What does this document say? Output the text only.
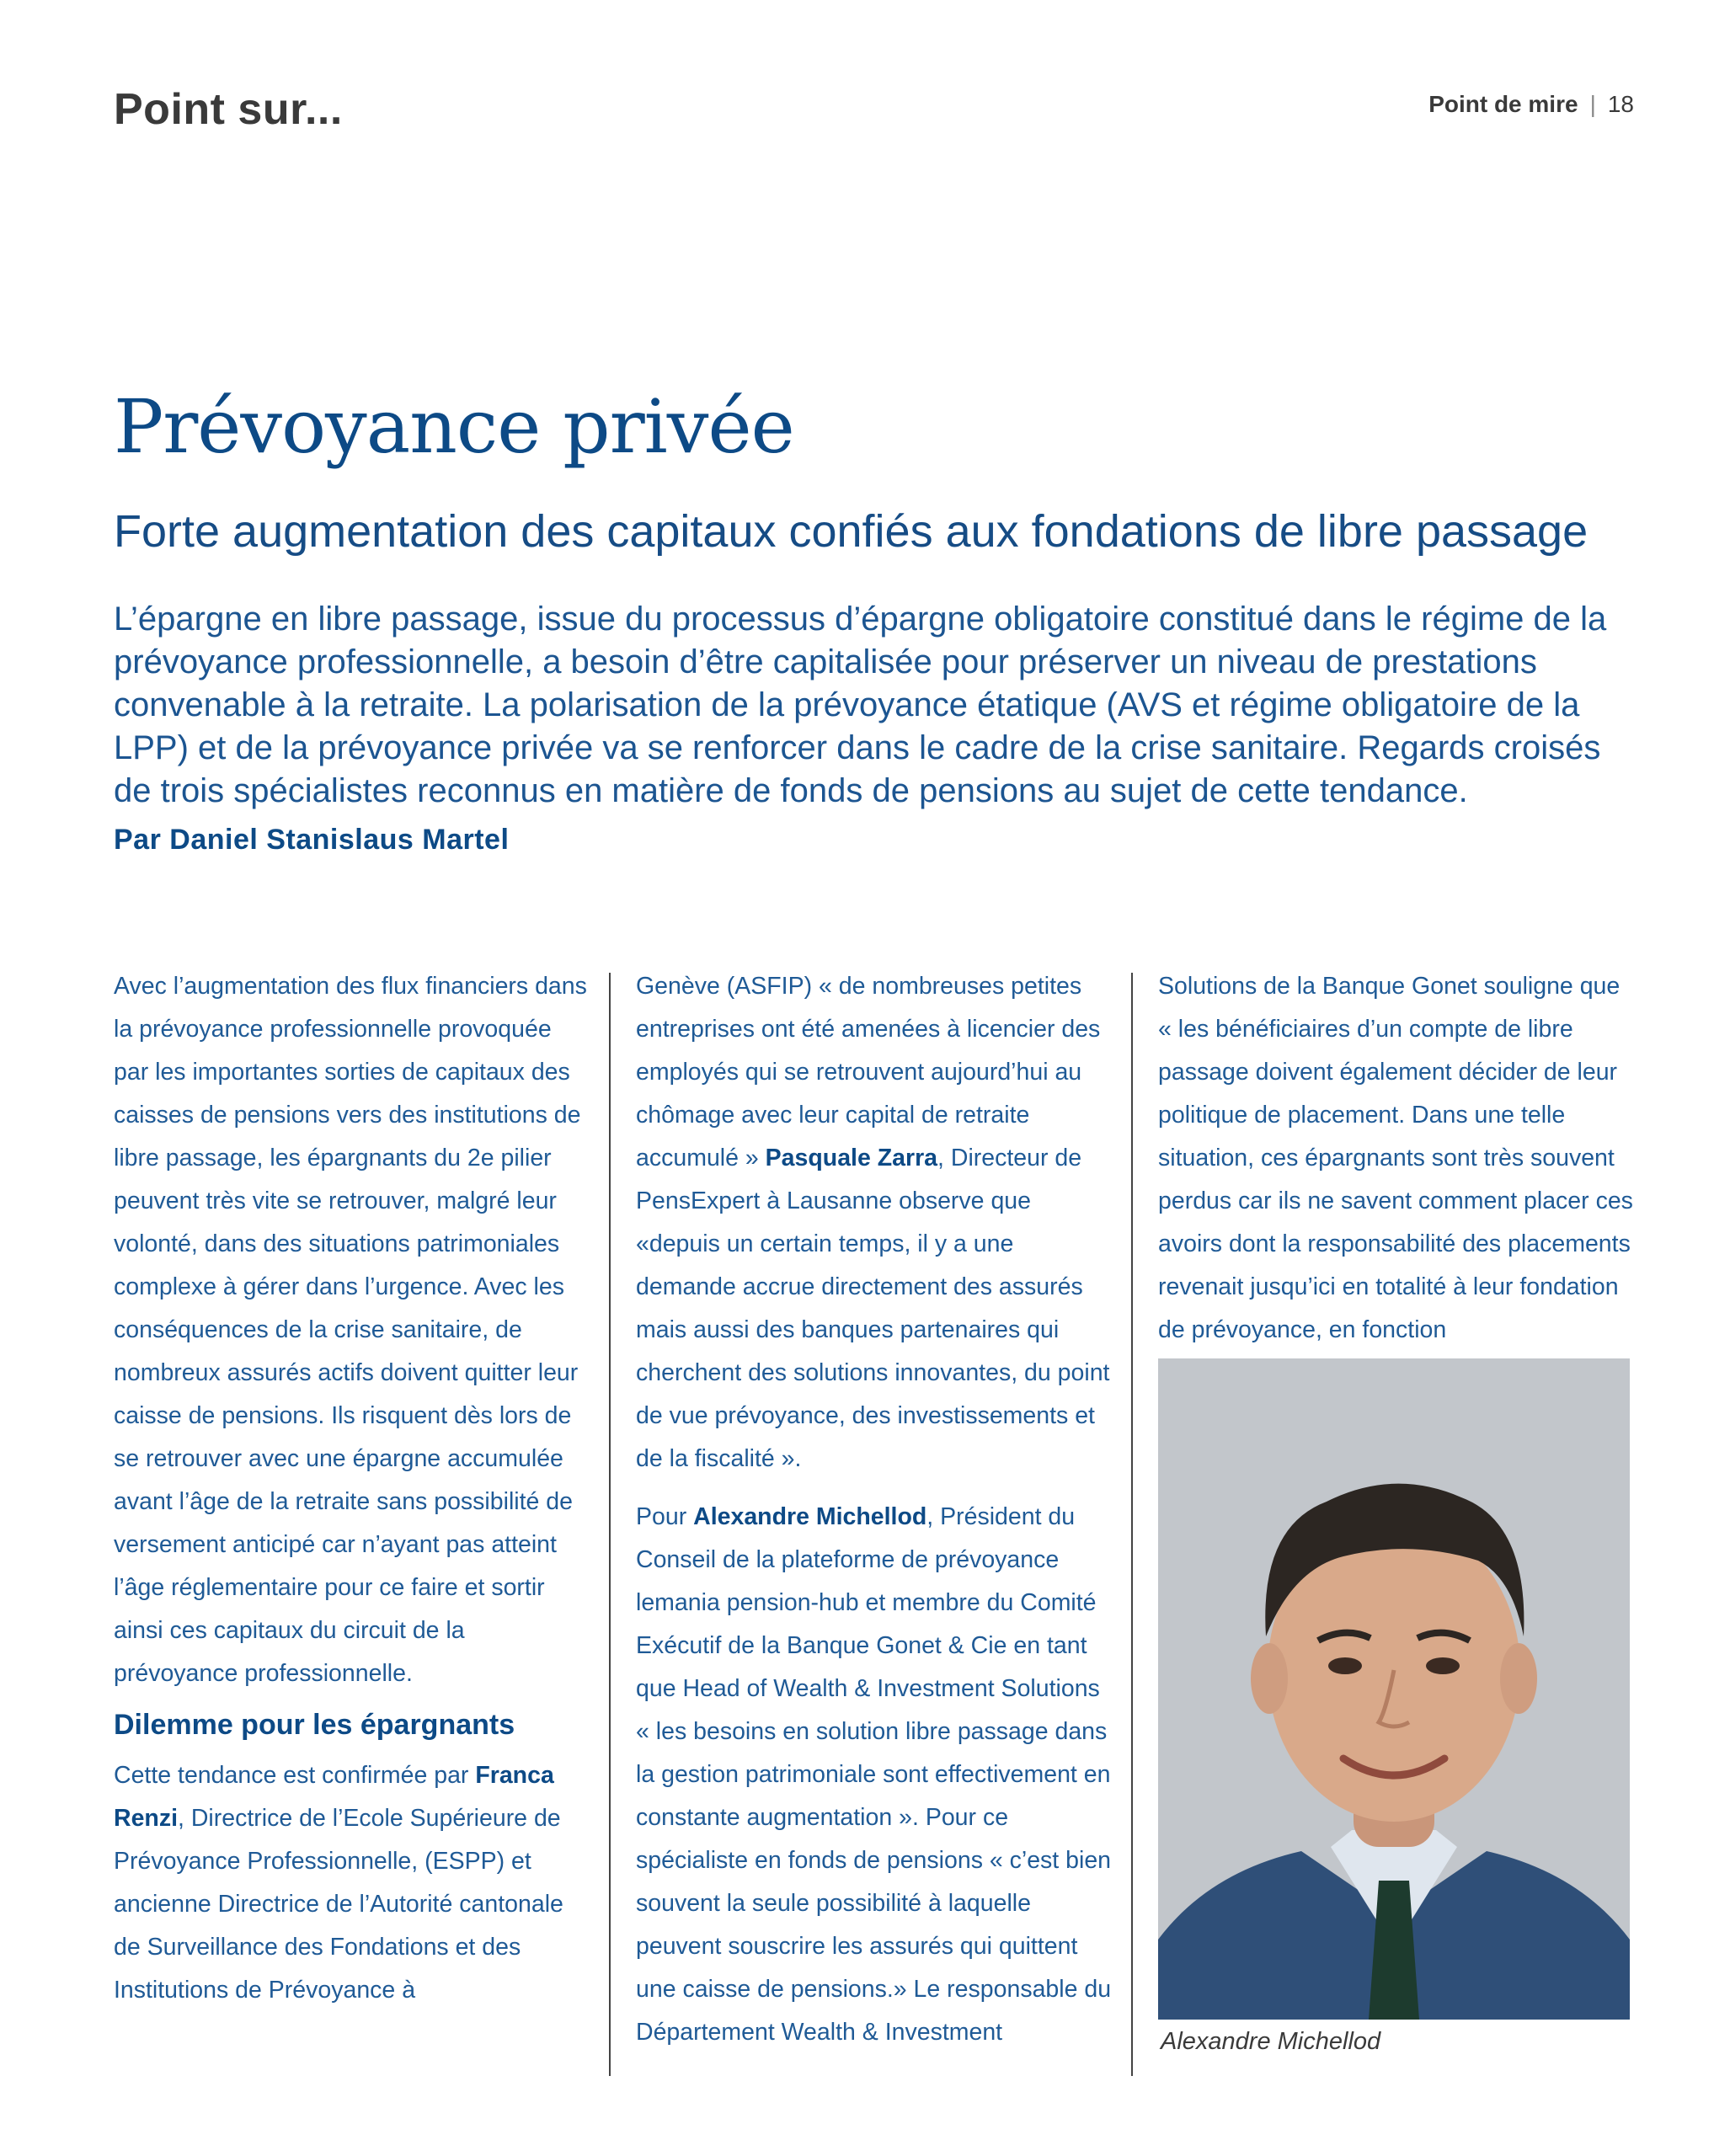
Point sur...	Point de mire | 18
Prévoyance privée
Forte augmentation des capitaux confiés aux fondations de libre passage

L’épargne en libre passage, issue du processus d’épargne obligatoire constitué dans le régime de la prévoyance professionnelle, a besoin d’être capitalisée pour préserver un niveau de prestations convenable à la retraite. La polarisation de la prévoyance étatique (AVS et régime obligatoire de la LPP) et de la prévoyance privée va se renforcer dans le cadre de la crise sanitaire. Regards croisés de trois spécialistes reconnus en matière de fonds de pensions au sujet de cette tendance.

Par Daniel Stanislaus Martel

Avec l’augmentation des flux financiers dans la prévoyance professionnelle provoquée par les importantes sorties de capitaux des caisses de pensions vers des institutions de libre passage, les épargnants du 2e pilier peuvent très vite se retrouver, malgré leur volonté, dans des situations patrimoniales complexe à gérer dans l’urgence. Avec les conséquences de la crise sanitaire, de nombreux assurés actifs doivent quitter leur caisse de pensions. Ils risquent dès lors de se retrouver avec une épargne accumulée avant l’âge de la retraite sans possibilité de versement anticipé car n’ayant pas atteint l’âge réglementaire pour ce faire et sortir ainsi ces capitaux du circuit de la prévoyance professionnelle.

Dilemme pour les épargnants

Cette tendance est confirmée par Franca Renzi, Directrice de l’Ecole Supérieure de Prévoyance Professionnelle, (ESPP) et ancienne Directrice de l’Autorité cantonale de Surveillance des Fondations et des Institutions de Prévoyance à

Genève (ASFIP) « de nombreuses petites entreprises ont été amenées à licencier des employés qui se retrouvent aujourd’hui au chômage avec leur capital de retraite accumulé » Pasquale Zarra, Directeur de PensExpert à Lausanne observe que «depuis un certain temps, il y a une demande accrue directement des assurés mais aussi des banques partenaires qui cherchent des solutions innovantes, du point de vue prévoyance, des investissements et de la fiscalité ».

Pour Alexandre Michellod, Président du Conseil de la plateforme de prévoyance lemania pension-hub et membre du Comité Exécutif de la Banque Gonet & Cie en tant que Head of Wealth & Investment Solutions « les besoins en solution libre passage dans la gestion patrimoniale sont effectivement en constante augmentation ». Pour ce spécialiste en fonds de pensions « c’est bien souvent la seule possibilité à laquelle peuvent souscrire les assurés qui quittent une caisse de pensions.» Le responsable du Département Wealth & Investment

Solutions de la Banque Gonet souligne que « les bénéficiaires d’un compte de libre passage doivent également décider de leur politique de placement. Dans une telle situation, ces épargnants sont très souvent perdus car ils ne savent comment placer ces avoirs dont la responsabilité des placements revenait jusqu’ici en totalité à leur fondation de prévoyance, en fonction

Alexandre Michellod
